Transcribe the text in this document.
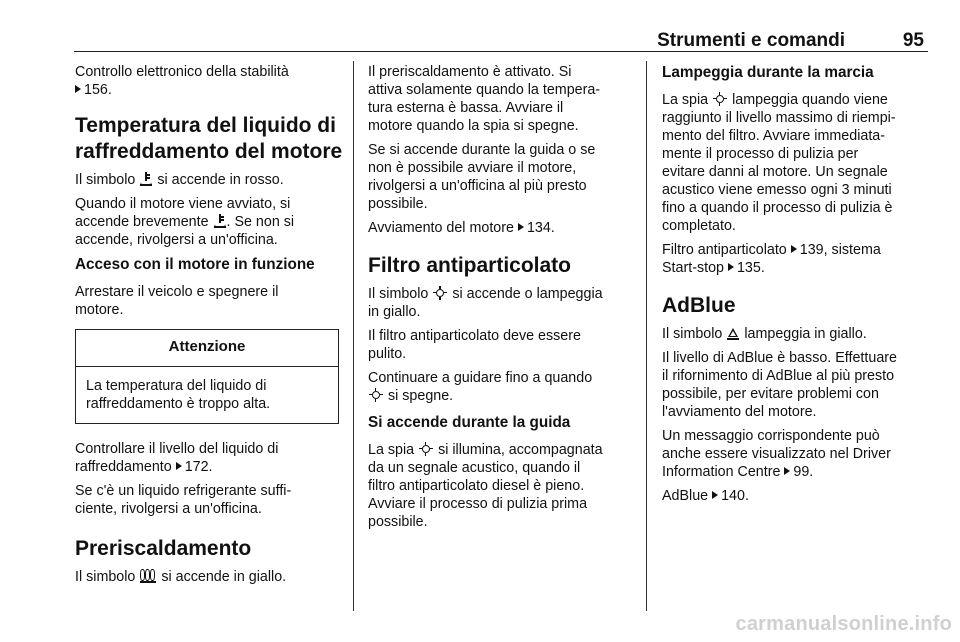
Strumenti e comandi	95

Controllo elettronico della stabilità
156.

Temperatura del liquido di
raffreddamento del motore

Il simbolo si accende in rosso.

Quando il motore viene avviato, si
accende brevemente . Se non si
accende, rivolgersi a un'officina.

Acceso con il motore in funzione

Arrestare il veicolo e spegnere il
motore.

Attenzione
La temperatura del liquido di
raffreddamento è troppo alta.

Controllare il livello del liquido di
raffreddamento 172.

Se c'è un liquido refrigerante suffi-
ciente, rivolgersi a un'officina.

Preriscaldamento

Il simbolo si accende in giallo.

Il preriscaldamento è attivato. Si
attiva solamente quando la tempera-
tura esterna è bassa. Avviare il
motore quando la spia si spegne.

Se si accende durante la guida o se
non è possibile avviare il motore,
rivolgersi a un'officina al più presto
possibile.

Avviamento del motore 134.

Filtro antiparticolato

Il simbolo si accende o lampeggia
in giallo.

Il filtro antiparticolato deve essere
pulito.

Continuare a guidare fino a quando

si spegne.

Si accende durante la guida

La spia si illumina, accompagnata
da un segnale acustico, quando il
filtro antiparticolato diesel è pieno.
Avviare il processo di pulizia prima
possibile.

Lampeggia durante la marcia

La spia lampeggia quando viene
raggiunto il livello massimo di riempi-
mento del filtro. Avviare immediata-
mente il processo di pulizia per
evitare danni al motore. Un segnale
acustico viene emesso ogni 3 minuti
fino a quando il processo di pulizia è
completato.

Filtro antiparticolato 139, sistema
Start-stop 135.

AdBlue

Il simbolo lampeggia in giallo.

Il livello di AdBlue è basso. Effettuare
il rifornimento di AdBlue al più presto
possibile, per evitare problemi con
l'avviamento del motore.

Un messaggio corrispondente può
anche essere visualizzato nel Driver
Information Centre 99.

AdBlue 140.

carmanualsonline.info
